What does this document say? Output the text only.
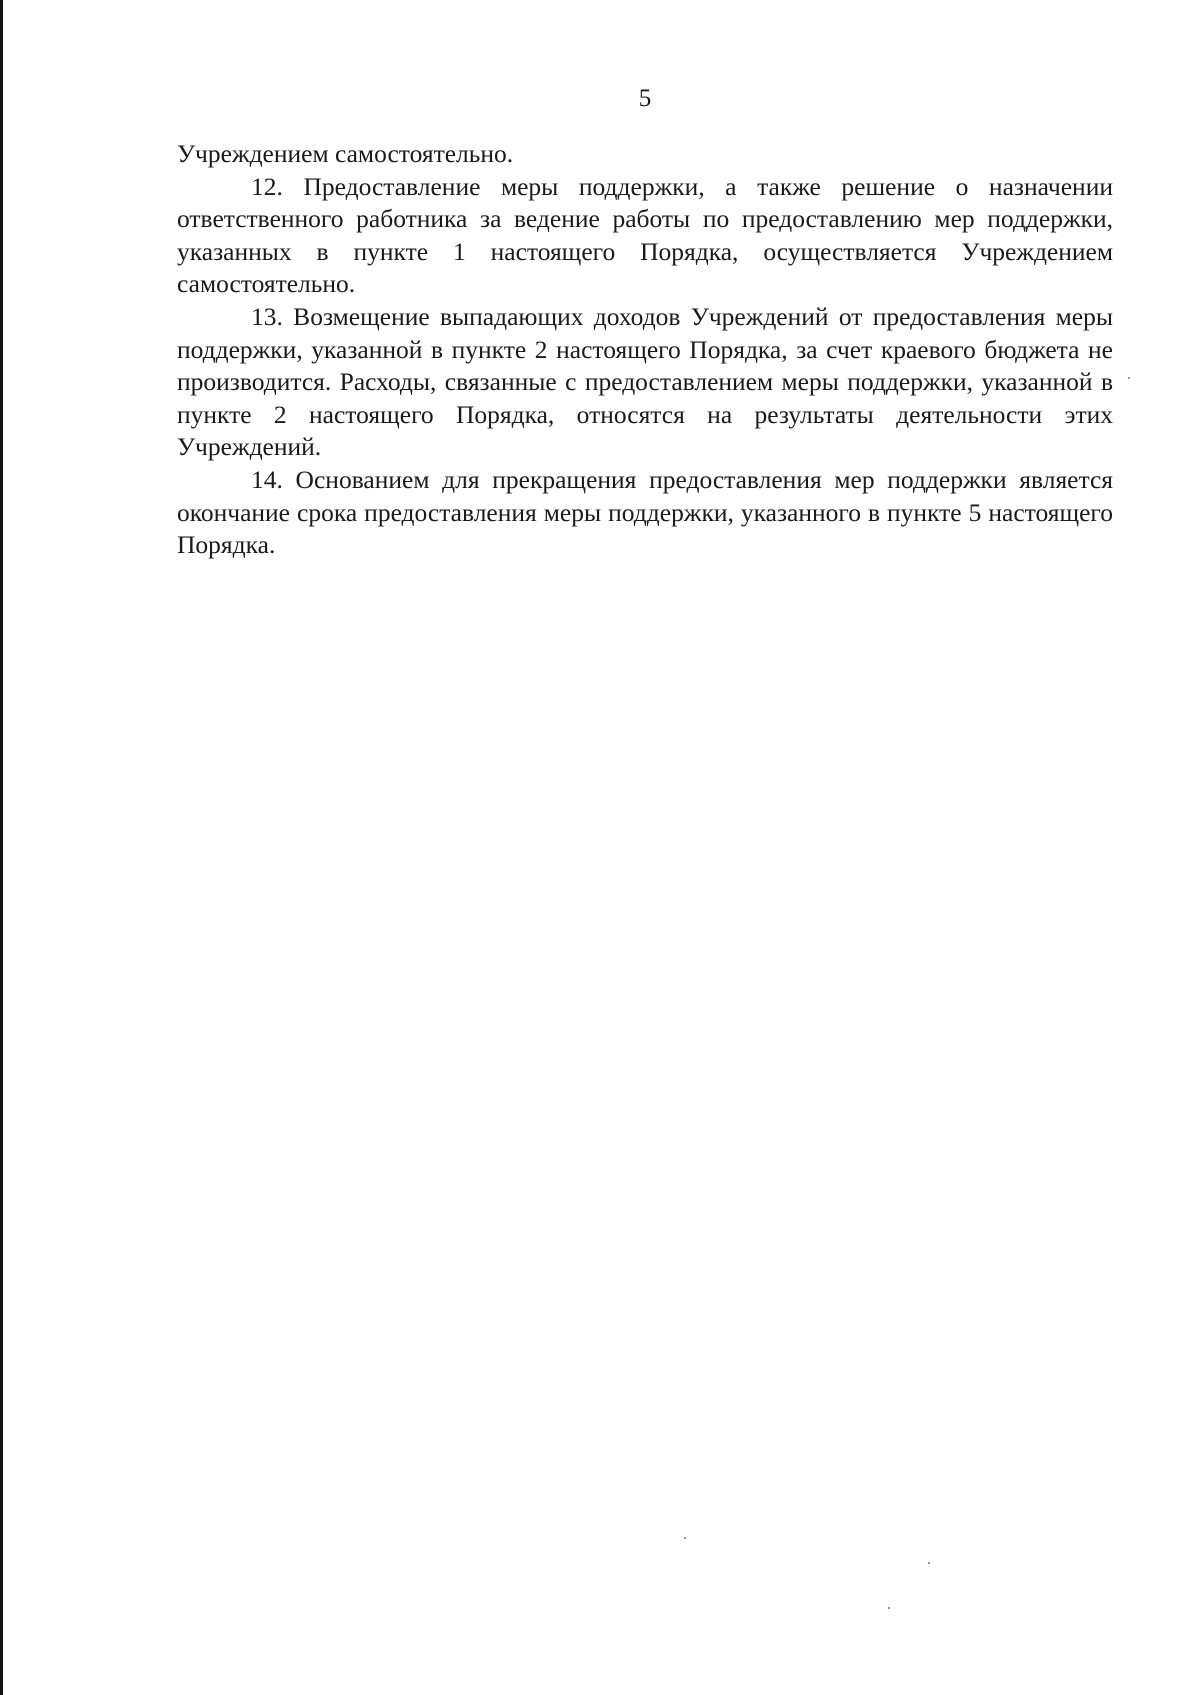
5

Учреждением самостоятельно.

12. Предоставление меры поддержки, а также решение о назначении ответственного работника за ведение работы по предоставлению мер поддержки, указанных в пункте 1 настоящего Порядка, осуществляется Учреждением самостоятельно.

13. Возмещение выпадающих доходов Учреждений от предоставления меры поддержки, указанной в пункте 2 настоящего Порядка, за счет краевого бюджета не производится. Расходы, связанные с предоставлением меры поддержки, указанной в пункте 2 настоящего Порядка, относятся на результаты деятельности этих Учреждений.

14. Основанием для прекращения предоставления мер поддержки является окончание срока предоставления меры поддержки, указанного в пункте 5 настоящего Порядка.
